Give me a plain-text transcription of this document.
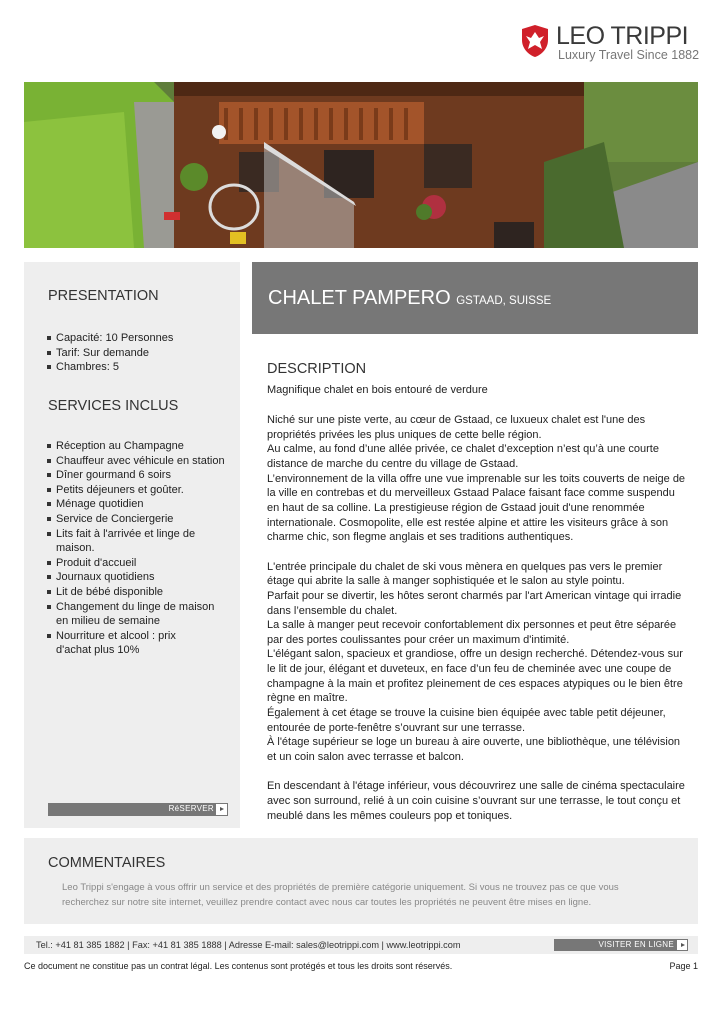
LEO TRIPPI
Luxury Travel Since 1882
PRESENTATION
Capacité: 10 Personnes
Tarif: Sur demande
Chambres: 5
SERVICES INCLUS
Réception au Champagne
Chauffeur avec véhicule en station
Dîner gourmand 6 soirs
Petits déjeuners et goûter.
Ménage quotidien
Service de Conciergerie
Lits fait à l'arrivée et linge de maison.
Produit d'accueil
Journaux quotidiens
Lit de bébé disponible
Changement du linge de maison en milieu de semaine
Nourriture et alcool : prix d'achat plus 10%
RéSERVER
CHALET PAMPERO GSTAAD, SUISSE
DESCRIPTION
Magnifique chalet en bois entouré de verdure

Niché sur une piste verte, au cœur de Gstaad, ce luxueux chalet est l'une des propriétés privées les plus uniques de cette belle région.
Au calme, au fond d’une allée privée, ce chalet d’exception n’est qu’à une courte distance de marche du centre du village de Gstaad.
L’environnement de la villa offre une vue imprenable sur les toits couverts de neige de la ville en contrebas et du merveilleux Gstaad Palace faisant face comme suspendu en haut de sa colline. La prestigieuse région de Gstaad jouit d'une renommée internationale. Cosmopolite, elle est restée alpine et attire les visiteurs grâce à son charme chic, son flegme anglais et ses traditions authentiques.

L'entrée principale du chalet de ski vous mènera en quelques pas vers le premier étage qui abrite la salle à manger sophistiquée et le salon au style pointu.
Parfait pour se divertir, les hôtes seront charmés par l'art American vintage qui irradie dans l’ensemble du chalet.
La salle à manger peut recevoir confortablement dix personnes et peut être séparée par des portes coulissantes pour créer un maximum d'intimité.
L'élégant salon, spacieux et grandiose, offre un design recherché. Détendez-vous sur le lit de jour, élégant et duveteux, en face d’un feu de cheminée avec une coupe de champagne à la main et profitez pleinement de ces espaces atypiques ou le bien être règne en maître.
Également à cet étage se trouve la cuisine bien équipée avec table petit déjeuner, entourée de porte-fenêtre s’ouvrant sur une terrasse.
À l'étage supérieur se loge un bureau à aire ouverte, une bibliothèque, une télévision et un coin salon avec terrasse et balcon.

En descendant à l'étage inférieur, vous découvrirez une salle de cinéma spectaculaire avec son surround, relié à un coin cuisine s’ouvrant sur une terrasse, le tout conçu et meublé dans les mêmes couleurs pop et toniques.

COMMENTAIRES
Leo Trippi s'engage à vous offrir un service et des propriétés de première catégorie uniquement. Si vous ne trouvez pas ce que vous recherchez sur notre site internet, veuillez prendre contact avec nous car toutes les propriétés ne peuvent être mises en ligne.
Tel.: +41 81 385 1882 | Fax: +41 81 385 1888 | Adresse E-mail: sales@leotrippi.com | www.leotrippi.com	VISITER EN LIGNE
Ce document ne constitue pas un contrat légal. Les contenus sont protégés et tous les droits sont réservés.	Page 1
